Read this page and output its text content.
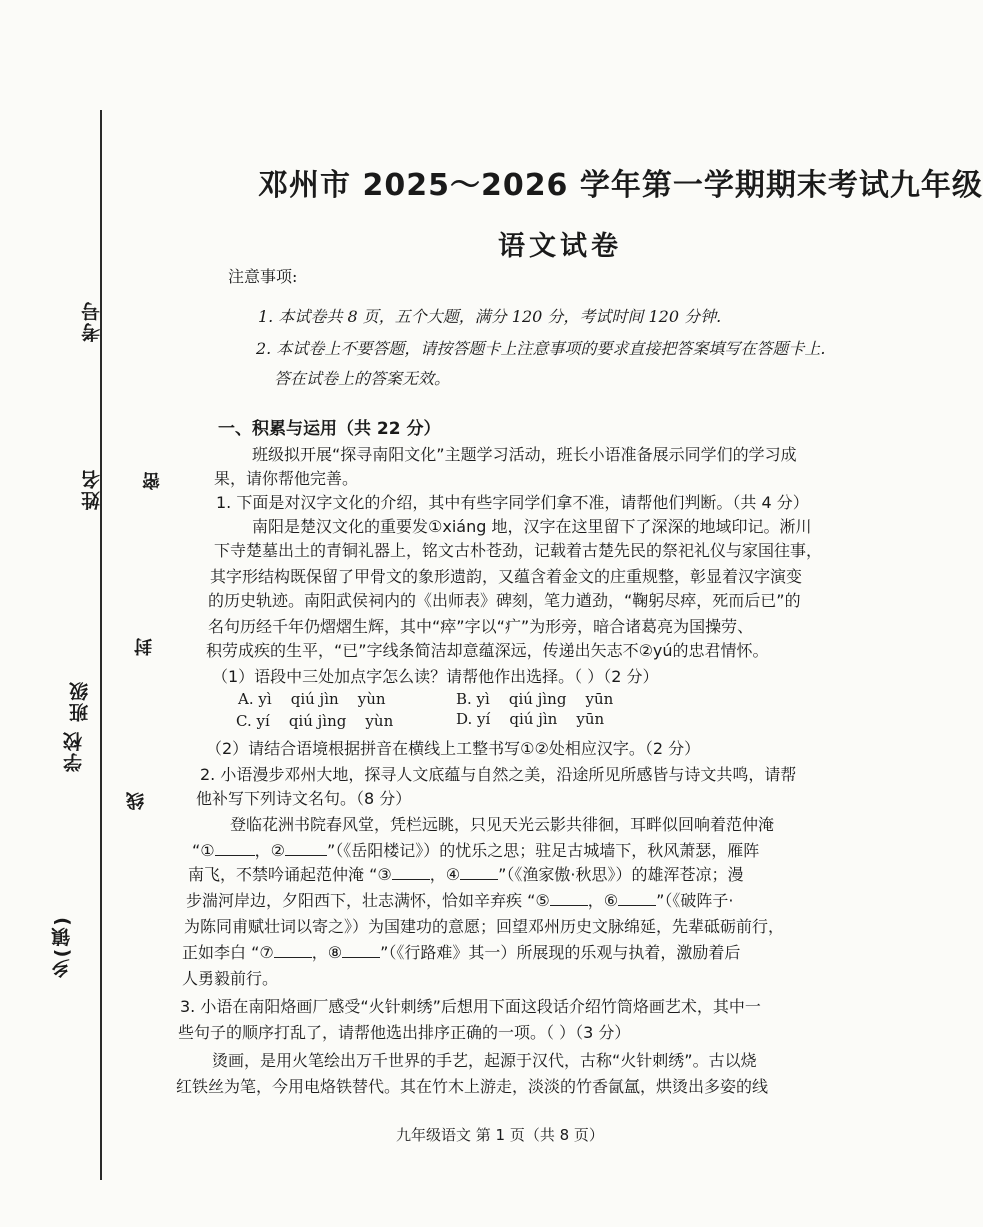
考号
姓名
班级
学校
乡(镇)
密
封
线
邓州市 2025～2026 学年第一学期期末考试九年级
语文试卷
注意事项:
1. 本试卷共 8 页，五个大题，满分 120 分，考试时间 120 分钟.
2. 本试卷上不要答题，请按答题卡上注意事项的要求直接把答案填写在答题卡上.
答在试卷上的答案无效。
一、积累与运用（共 22 分）
班级拟开展“探寻南阳文化”主题学习活动，班长小语准备展示同学们的学习成
果，请你帮他完善。
1. 下面是对汉字文化的介绍，其中有些字同学们拿不准，请帮他们判断。（共 4 分）
南阳是楚汉文化的重要发①xiáng 地，汉字在这里留下了深深的地域印记。淅川
下寺楚墓出土的青铜礼器上，铭文古朴苍劲，记载着古楚先民的祭祀礼仪与家国往事，
其字形结构既保留了甲骨文的象形遗韵，又蕴含着金文的庄重规整，彰显着汉字演变
的历史轨迹。南阳武侯祠内的《出师表》碑刻，笔力遒劲，“鞠躬尽瘁，死而后已”的
名句历经千年仍熠熠生辉，其中“瘁”字以“疒”为形旁，暗合诸葛亮为国操劳、
积劳成疾的生平，“已”字线条简洁却意蕴深远，传递出矢志不②yú的忠君情怀。
（1）语段中三处加点字怎么读？请帮他作出选择。（ ）（2 分）
A. yì    qiú jìn    yùn	B. yì    qiú jìng    yūn
C. yí    qiú jìng    yùn	D. yí    qiú jìn    yūn
（2）请结合语境根据拼音在横线上工整书写①②处相应汉字。（2 分）
2. 小语漫步邓州大地，探寻人文底蕴与自然之美，沿途所见所感皆与诗文共鸣，请帮
他补写下列诗文名句。（8 分）
登临花洲书院春风堂，凭栏远眺，只见天光云影共徘徊，耳畔似回响着范仲淹
“①	，②	”（《岳阳楼记》）的忧乐之思；驻足古城墙下，秋风萧瑟，雁阵
南飞，不禁吟诵起范仲淹 “③ ，④ ”（《渔家傲·秋思》）的雄浑苍凉；漫
步湍河岸边，夕阳西下，壮志满怀，恰如辛弃疾 “⑤ ，⑥ ”（《破阵子·
为陈同甫赋壮词以寄之》）为国建功的意愿；回望邓州历史文脉绵延，先辈砥砺前行，
正如李白 “⑦ ，⑧ ”（《行路难》其一）所展现的乐观与执着，激励着后
人勇毅前行。
3. 小语在南阳烙画厂感受“火针刺绣”后想用下面这段话介绍竹筒烙画艺术，其中一
些句子的顺序打乱了，请帮他选出排序正确的一项。（ ）（3 分）
烫画，是用火笔绘出万千世界的手艺，起源于汉代，古称“火针刺绣”。古以烧
红铁丝为笔，今用电烙铁替代。其在竹木上游走，淡淡的竹香氤氲，烘烫出多姿的线
九年级语文 第 1 页（共 8 页）
